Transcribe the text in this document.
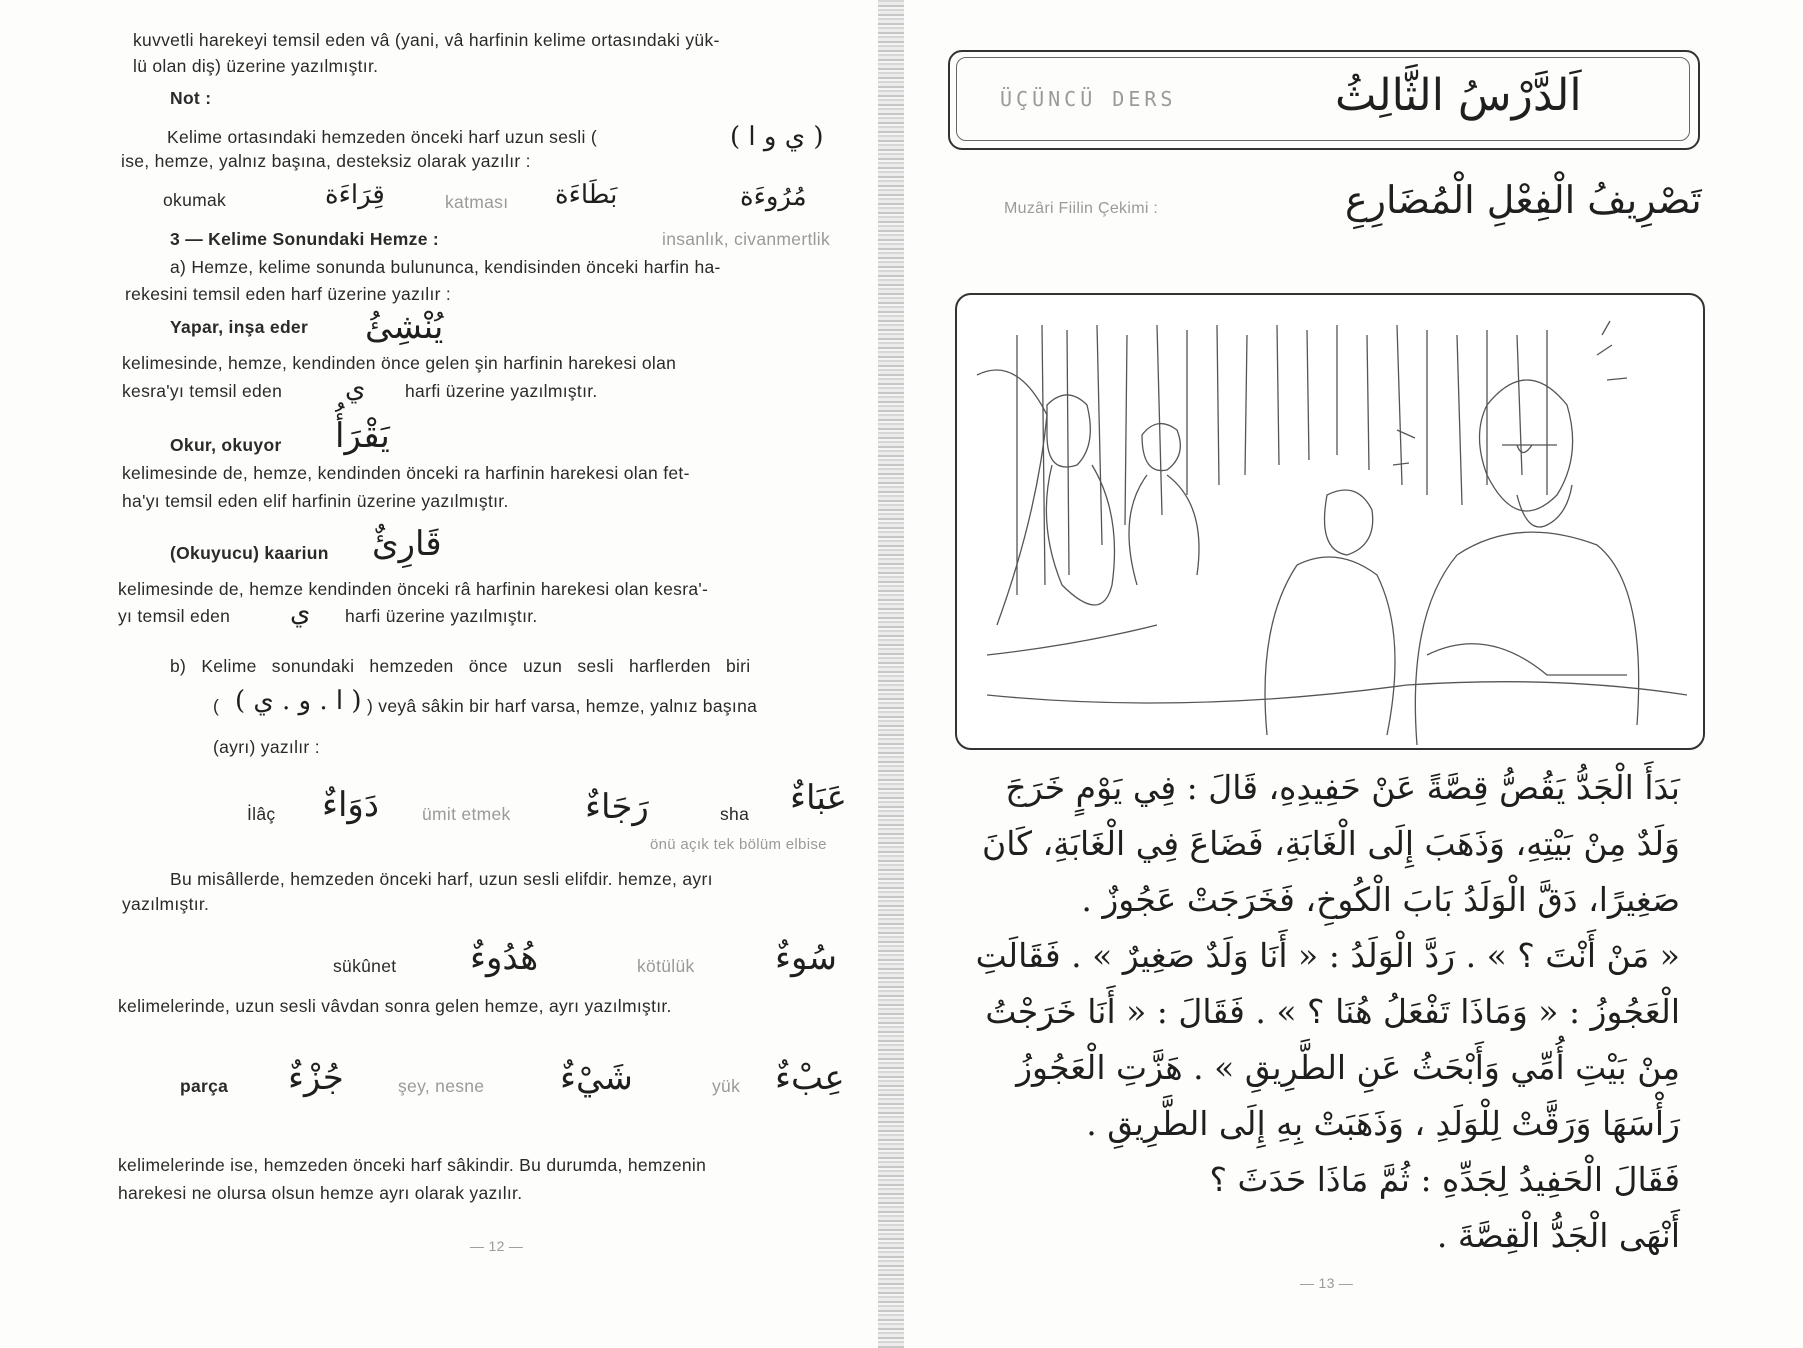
kuvvetli harekeyi temsil eden vâ (yani, vâ harfinin kelime ortasındaki yük-
lü olan diş) üzerine yazılmıştır.
Not :
Kelime ortasındaki hemzeden önceki harf uzun sesli (	( ي و ا )
ise, hemze, yalnız başına, desteksiz olarak yazılır :
okumak	قِرَاءَة	katması بَطَاءَة	مُرُوءَة
3 — Kelime Sonundaki Hemze :	insanlık, civanmertlik
a) Hemze, kelime sonunda bulununca, kendisinden önceki harfin ha-
rekesini temsil eden harf üzerine yazılır :
Yapar, inşa eder يُنْشِئُ
kelimesinde, hemze, kendinden önce gelen şin harfinin harekesi olan
kesra'yı temsil eden ي harfi üzerine yazılmıştır.
Okur, okuyor يَقْرَأُ
kelimesinde de, hemze, kendinden önceki ra harfinin harekesi olan fet-
ha'yı temsil eden elif harfinin üzerine yazılmıştır.
(Okuyucu) kaariun قَارِئٌ
kelimesinde de, hemze kendinden önceki râ harfinin harekesi olan kesra'-
yı temsil eden ي harfi üzerine yazılmıştır.
b) Kelime sonundaki hemzeden önce uzun sesli harflerden biri
( ( ا . و . ي ) ) veyâ sâkin bir harf varsa, hemze, yalnız başına
(ayrı) yazılır :
İlâç دَوَاءٌ ümit etmek رَجَاءٌ	sha عَبَاءٌ
önü açık tek bölüm elbise
Bu misâllerde, hemzeden önceki harf, uzun sesli elifdir. hemze, ayrı
yazılmıştır.
sükûnet هُدُوءٌ	kötülük سُوءٌ
kelimelerinde, uzun sesli vâvdan sonra gelen hemze, ayrı yazılmıştır.
parça جُزْءٌ	şey, nesne شَيْءٌ	yük عِبْءٌ
kelimelerinde ise, hemzeden önceki harf sâkindir. Bu durumda, hemzenin
harekesi ne olursa olsun hemze ayrı olarak yazılır.
— 12 —
ÜÇÜNCÜ DERS	اَلدَّرْسُ الثَّالِثُ
Muzâri Fiilin Çekimi :	تَصْرِيفُ الْفِعْلِ الْمُضَارِعِ
بَدَأَ الْجَدُّ يَقُصُّ قِصَّةً عَنْ حَفِيدِهِ، قَالَ : فِي يَوْمٍ خَرَجَ
وَلَدٌ مِنْ بَيْتِهِ، وَذَهَبَ إِلَى الْغَابَةِ، فَضَاعَ فِي الْغَابَةِ، كَانَ
صَغِيرًا، دَقَّ الْوَلَدُ بَابَ الْكُوخِ، فَخَرَجَتْ عَجُوزٌ .
« مَنْ أَنْتَ ؟ » . رَدَّ الْوَلَدُ : « أَنَا وَلَدٌ صَغِيرٌ » . فَقَالَتِ
الْعَجُوزُ : « وَمَاذَا تَفْعَلُ هُنَا ؟ » . فَقَالَ : « أَنَا خَرَجْتُ
مِنْ بَيْتِ أُمِّي وَأَبْحَثُ عَنِ الطَّرِيقِ » . هَزَّتِ الْعَجُوزُ
رَأْسَهَا وَرَقَّتْ لِلْوَلَدِ ، وَذَهَبَتْ بِهِ إِلَى الطَّرِيقِ .
فَقَالَ الْحَفِيدُ لِجَدِّهِ : ثُمَّ مَاذَا حَدَثَ ؟
أَنْهَى الْجَدُّ الْقِصَّةَ .
— 13 —
